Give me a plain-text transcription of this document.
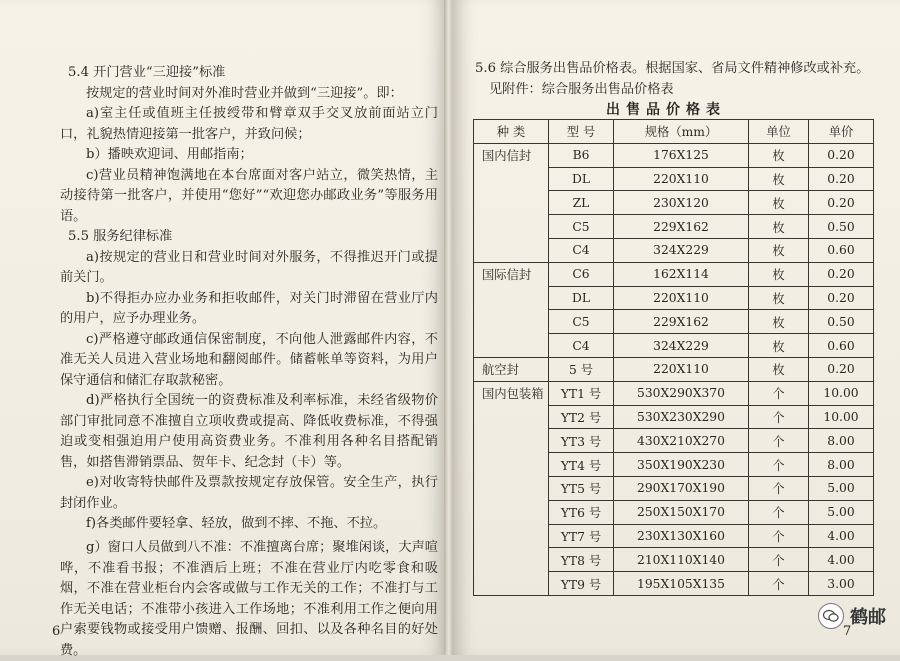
5.4 开门营业“三迎接”标准

按规定的营业时间对外准时营业并做到“三迎接”。即：

a)室主任或值班主任披绶带和臂章双手交叉放前面站立门口，礼貌热情迎接第一批客户，并致问候；

b）播映欢迎词、用邮指南；

c)营业员精神饱满地在本台席面对客户站立，微笑热情，主动接待第一批客户，并使用“您好”“欢迎您办邮政业务”等服务用语。

5.5 服务纪律标准

a)按规定的营业日和营业时间对外服务，不得推迟开门或提前关门。

b)不得拒办应办业务和拒收邮件，对关门时滞留在营业厅内的用户，应予办理业务。

c)严格遵守邮政通信保密制度，不向他人泄露邮件内容，不准无关人员进入营业场地和翻阅邮件。储蓄帐单等资料，为用户保守通信和储汇存取款秘密。

d)严格执行全国统一的资费标准及利率标准，未经省级物价部门审批同意不准擅自立项收费或提高、降低收费标准，不得强迫或变相强迫用户使用高资费业务。不准利用各种名目搭配销售，如搭售滞销票品、贺年卡、纪念封（卡）等。

e)对收寄特快邮件及票款按规定存放保管。安全生产，执行封闭作业。

f)各类邮件要轻拿、轻放，做到不摔、不拖、不拉。

g）窗口人员做到八不准：不准擅离台席；聚堆闲谈，大声喧哗，不准看书报；不准酒后上班；不准在营业厅内吃零食和吸烟，不准在营业柜台内会客或做与工作无关的工作；不准打与工作无关电话；不准带小孩进入工作场地；不准利用工作之便向用户索要钱物或接受用户馈赠、报酬、回扣、以及各种名目的好处费。

6

5.6 综合服务出售品价格表。根据国家、省局文件精神修改或补充。

见附件：综合服务出售品价格表

出售品价格表
种 类	型 号	规格（mm）	单位	单价
国内信封	B6	176X125	枚	0.20
	DL	220X110	枚	0.20
	ZL	230X120	枚	0.20
	C5	229X162	枚	0.50
	C4	324X229	枚	0.60
国际信封	C6	162X114	枚	0.20
	DL	220X110	枚	0.20
	C5	229X162	枚	0.50
	C4	324X229	枚	0.60
航空封	5 号	220X110	枚	0.20
国内包装箱	YT1 号	530X290X370	个	10.00
	YT2 号	530X230X290	个	10.00
	YT3 号	430X210X270	个	8.00
	YT4 号	350X190X230	个	8.00
	YT5 号	290X170X190	个	5.00
	YT6 号	250X150X170	个	5.00
	YT7 号	230X130X160	个	4.00
	YT8 号	210X110X140	个	4.00
	YT9 号	195X105X135	个	3.00
7
鹤邮
